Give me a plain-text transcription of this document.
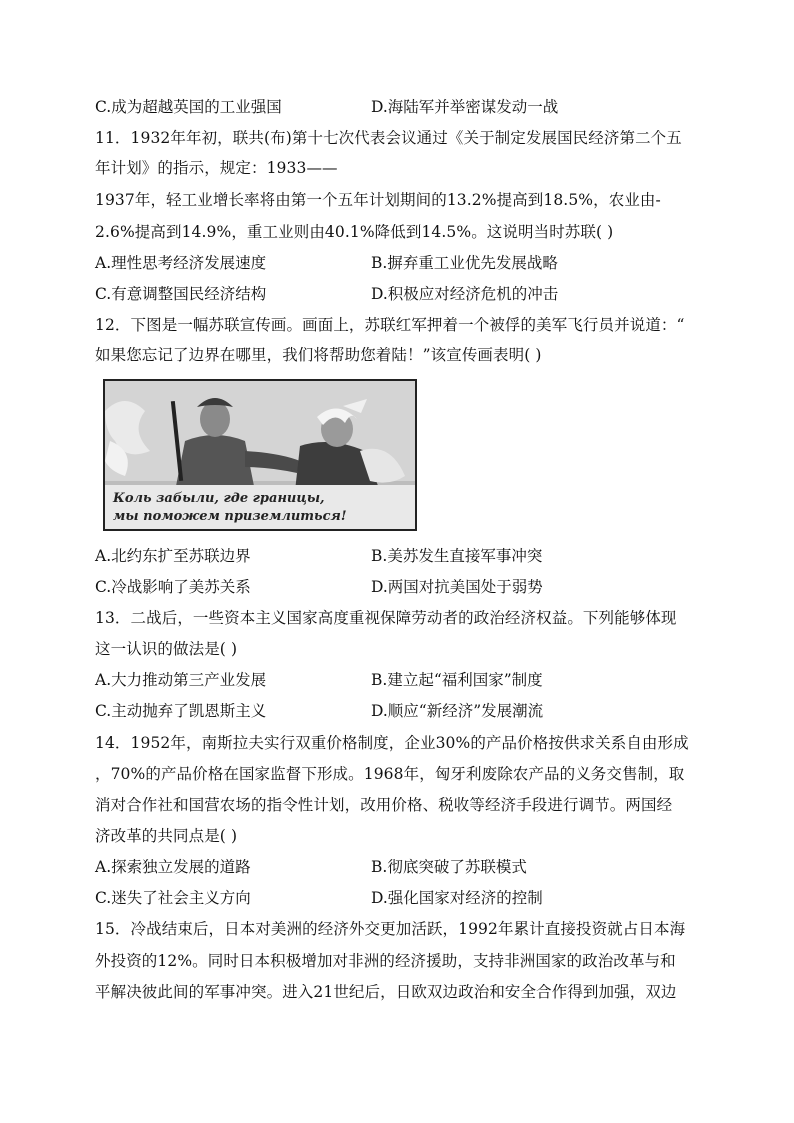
C.成为超越英国的工业强国	D.海陆军并举密谋发动一战
11．1932年年初，联共(布)第十七次代表会议通过《关于制定发展国民经济第二个五
年计划》的指示，规定：1933——
1937年，轻工业增长率将由第一个五年计划期间的13.2%提高到18.5%，农业由-
2.6%提高到14.9%，重工业则由40.1%降低到14.5%。这说明当时苏联( )
A.理性思考经济发展速度	B.摒弃重工业优先发展战略
C.有意调整国民经济结构	D.积极应对经济危机的冲击
12．下图是一幅苏联宣传画。画面上，苏联红军押着一个被俘的美军飞行员并说道：“
如果您忘记了边界在哪里，我们将帮助您着陆！”该宣传画表明( )
Коль забыли, где границы,
мы поможем приземлиться!
A.北约东扩至苏联边界	B.美苏发生直接军事冲突
C.冷战影响了美苏关系	D.两国对抗美国处于弱势
13．二战后，一些资本主义国家高度重视保障劳动者的政治经济权益。下列能够体现
这一认识的做法是( )
A.大力推动第三产业发展	B.建立起“福利国家”制度
C.主动抛弃了凯恩斯主义	D.顺应“新经济”发展潮流
14．1952年，南斯拉夫实行双重价格制度，企业30%的产品价格按供求关系自由形成
，70%的产品价格在国家监督下形成。1968年，匈牙利废除农产品的义务交售制，取
消对合作社和国营农场的指令性计划，改用价格、税收等经济手段进行调节。两国经
济改革的共同点是( )
A.探索独立发展的道路	B.彻底突破了苏联模式
C.迷失了社会主义方向	D.强化国家对经济的控制
15．冷战结束后，日本对美洲的经济外交更加活跃，1992年累计直接投资就占日本海
外投资的12%。同时日本积极增加对非洲的经济援助，支持非洲国家的政治改革与和
平解决彼此间的军事冲突。进入21世纪后，日欧双边政治和安全合作得到加强，双边
